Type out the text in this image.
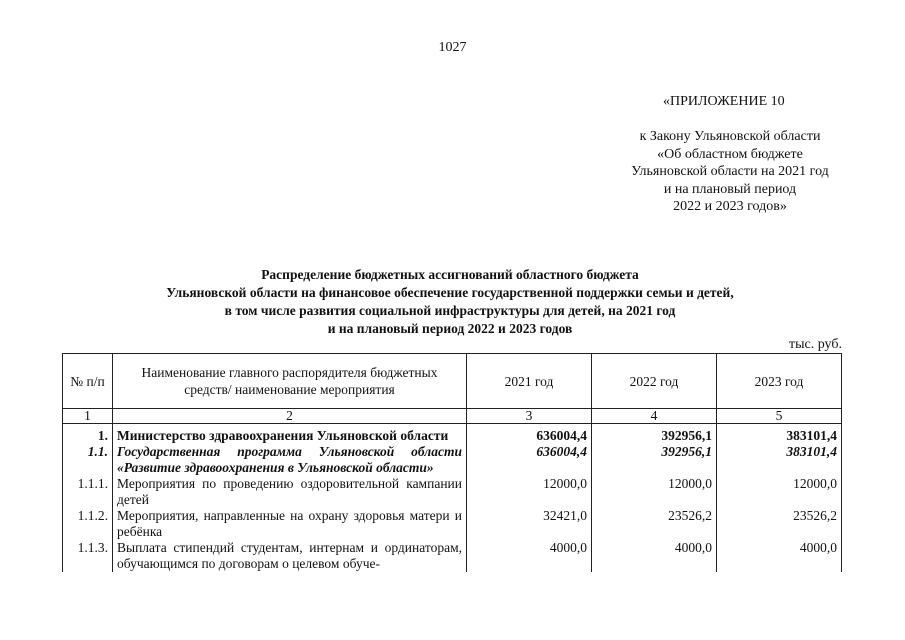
1027
«ПРИЛОЖЕНИЕ 10
к Закону Ульяновской области
«Об областном бюджете
Ульяновской области на 2021 год
и на плановый период
2022 и 2023 годов»
Распределение бюджетных ассигнований областного бюджета
Ульяновской области на финансовое обеспечение государственной поддержки семьи и детей,
в том числе развития социальной инфраструктуры для детей, на 2021 год
и на плановый период 2022 и 2023 годов
тыс. руб.
№ п/п	Наименование главного распорядителя бюджетных средств/ наименование мероприятия	2021 год	2022 год	2023 год
1	2	3	4	5
1.	Министерство здравоохранения Ульяновской области	636004,4	392956,1	383101,4
1.1.	Государственная программа Ульяновской области «Развитие здравоохранения в Ульяновской области»	636004,4	392956,1	383101,4
1.1.1.	Мероприятия по проведению оздоровительной кампании детей	12000,0	12000,0	12000,0
1.1.2.	Мероприятия, направленные на охрану здоровья матери и ребёнка	32421,0	23526,2	23526,2
1.1.3.	Выплата стипендий студентам, интернам и ординаторам, обучающимся по договорам о целевом обуче-	4000,0	4000,0	4000,0
